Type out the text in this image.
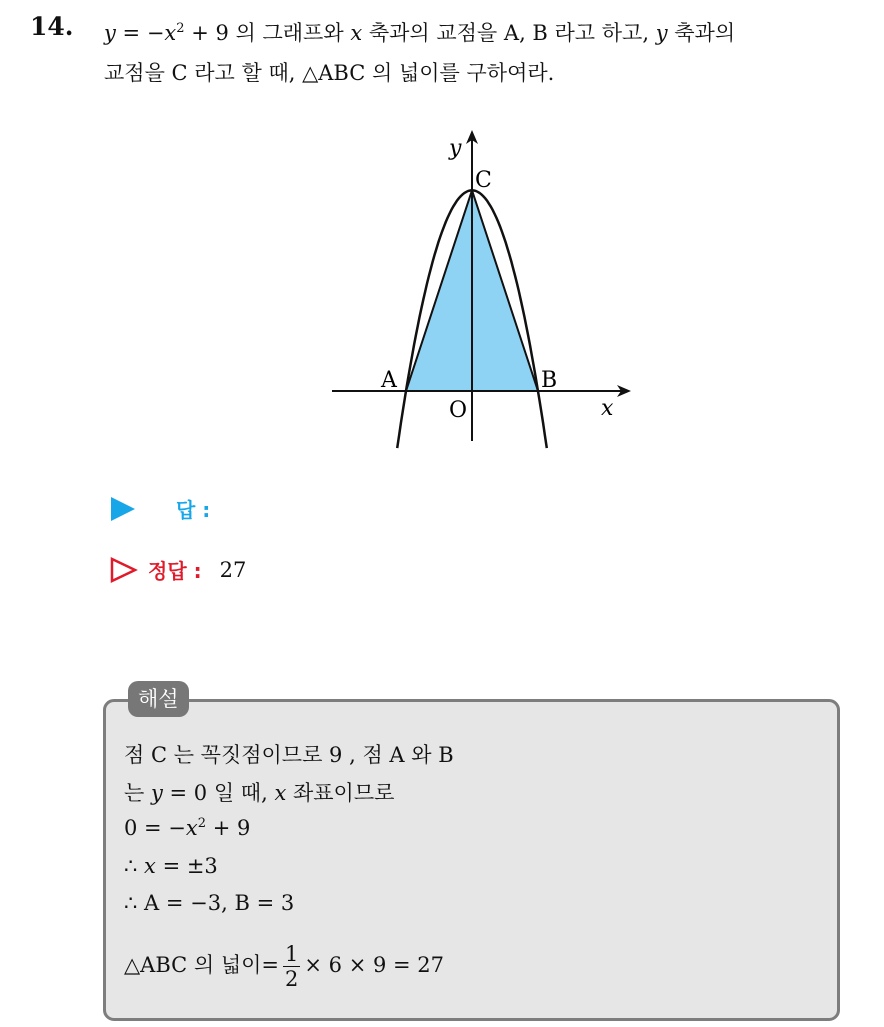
14. $y = -x^2 + 9$ 의 그래프와 x 축과의 교점을 A, B 라고 하고, y 축과의
교점을 C 라고 할 때, △ABC 의 넓이를 구하여라.
y
x
O
A	B
C
답 :
정답 : 27
해설
점 C 는 꼭짓점이므로 9 , 점 A 와 B
는 y = 0 일 때, x 좌표이므로
$0 = -x^2 + 9$
∴ x = ±3
∴ A = −3, B = 3
△ABC 의 넓이= $\frac{1}{2} \times 6 \times 9 = 27$
